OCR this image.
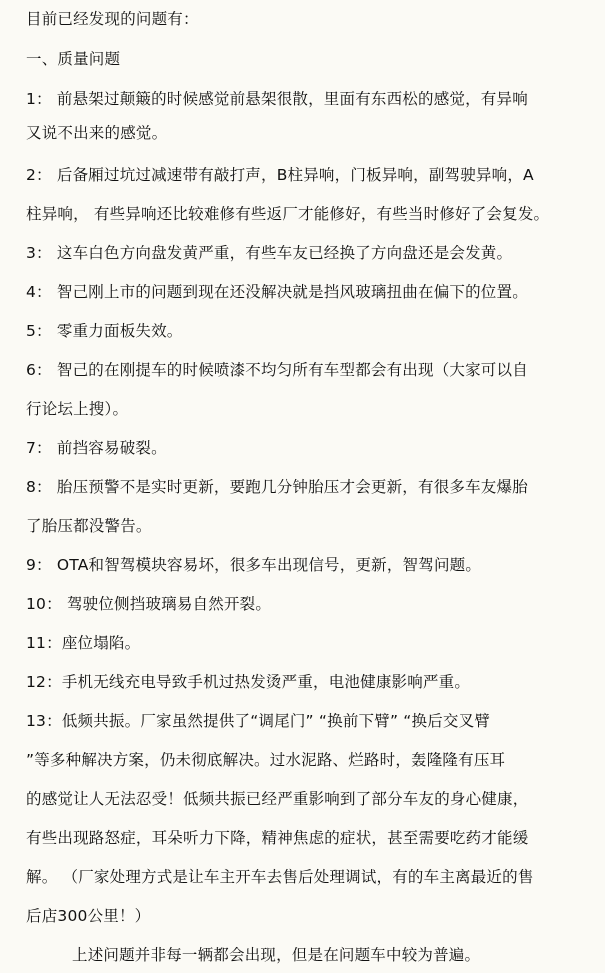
目前已经发现的问题有：
一、质量问题
1： 前悬架过颠簸的时候感觉前悬架很散，里面有东西松的感觉，有异响
又说不出来的感觉。
2： 后备厢过坑过减速带有敲打声，B柱异响，门板异响，副驾驶异响，A
柱异响， 有些异响还比较难修有些返厂才能修好，有些当时修好了会复发。
3： 这车白色方向盘发黄严重，有些车友已经换了方向盘还是会发黄。
4： 智己刚上市的问题到现在还没解决就是挡风玻璃扭曲在偏下的位置。
5： 零重力面板失效。
6： 智己的在刚提车的时候喷漆不均匀所有车型都会有出现（大家可以自
行论坛上搜）。
7： 前挡容易破裂。
8： 胎压预警不是实时更新，要跑几分钟胎压才会更新，有很多车友爆胎
了胎压都没警告。
9： OTA和智驾模块容易坏，很多车出现信号，更新，智驾问题。
10： 驾驶位侧挡玻璃易自然开裂。
11：座位塌陷。
12：手机无线充电导致手机过热发烫严重，电池健康影响严重。
13：低频共振。厂家虽然提供了“调尾门” “换前下臂” “换后交叉臂
”等多种解决方案，仍未彻底解决。过水泥路、烂路时，轰隆隆有压耳
的感觉让人无法忍受！低频共振已经严重影响到了部分车友的身心健康，
有些出现路怒症，耳朵听力下降，精神焦虑的症状，甚至需要吃药才能缓
解。 （厂家处理方式是让车主开车去售后处理调试，有的车主离最近的售
后店300公里！）
上述问题并非每一辆都会出现，但是在问题车中较为普遍。
